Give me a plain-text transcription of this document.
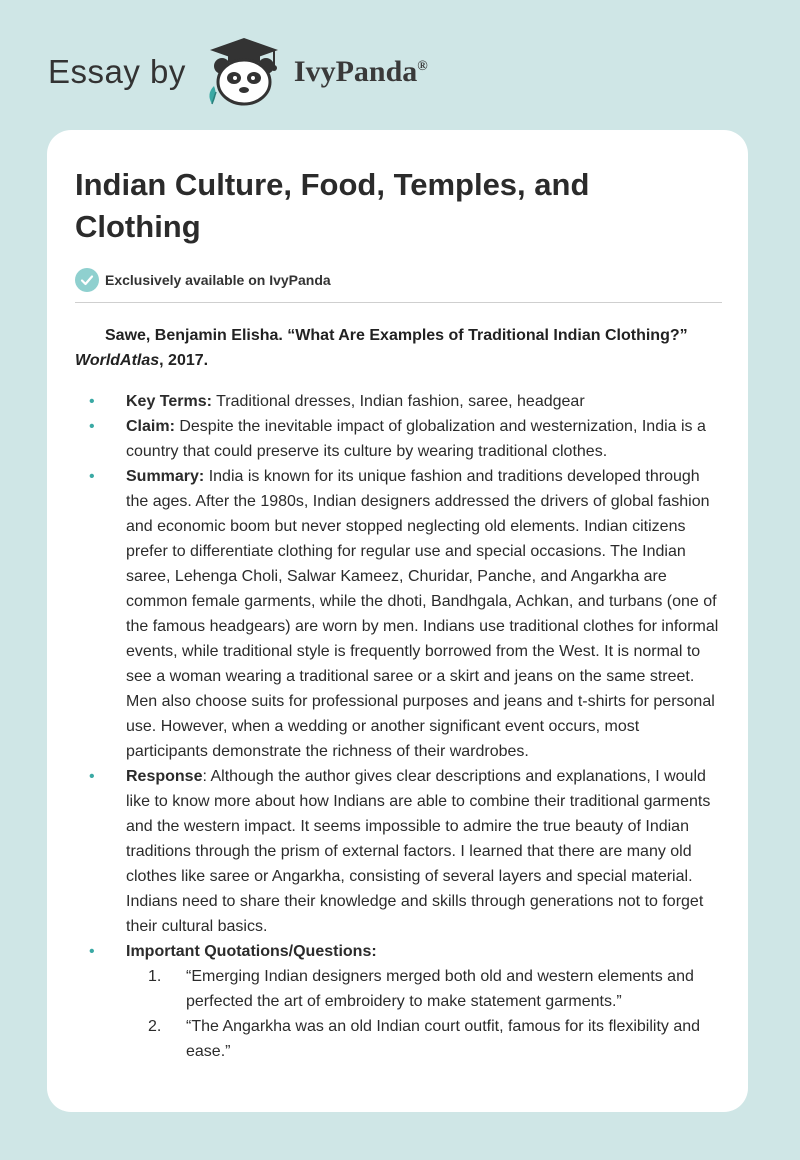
Essay by	IvyPanda®
Indian Culture, Food, Temples, and Clothing
Exclusively available on IvyPanda

Sawe, Benjamin Elisha. “What Are Examples of Traditional Indian Clothing?” WorldAtlas, 2017.

• Key Terms: Traditional dresses, Indian fashion, saree, headgear
• Claim: Despite the inevitable impact of globalization and westernization, India is a country that could preserve its culture by wearing traditional clothes.
• Summary: India is known for its unique fashion and traditions developed through the ages. After the 1980s, Indian designers addressed the drivers of global fashion and economic boom but never stopped neglecting old elements. Indian citizens prefer to differentiate clothing for regular use and special occasions. The Indian saree, Lehenga Choli, Salwar Kameez, Churidar, Panche, and Angarkha are common female garments, while the dhoti, Bandhgala, Achkan, and turbans (one of the famous headgears) are worn by men. Indians use traditional clothes for informal events, while traditional style is frequently borrowed from the West. It is normal to see a woman wearing a traditional saree or a skirt and jeans on the same street. Men also choose suits for professional purposes and jeans and t-shirts for personal use. However, when a wedding or another significant event occurs, most participants demonstrate the richness of their wardrobes.
• Response: Although the author gives clear descriptions and explanations, I would like to know more about how Indians are able to combine their traditional garments and the western impact. It seems impossible to admire the true beauty of Indian traditions through the prism of external factors. I learned that there are many old clothes like saree or Angarkha, consisting of several layers and special material. Indians need to share their knowledge and skills through generations not to forget their cultural basics.
• Important Quotations/Questions:
1. “Emerging Indian designers merged both old and western elements and perfected the art of embroidery to make statement garments.”
2. “The Angarkha was an old Indian court outfit, famous for its flexibility and ease.”
